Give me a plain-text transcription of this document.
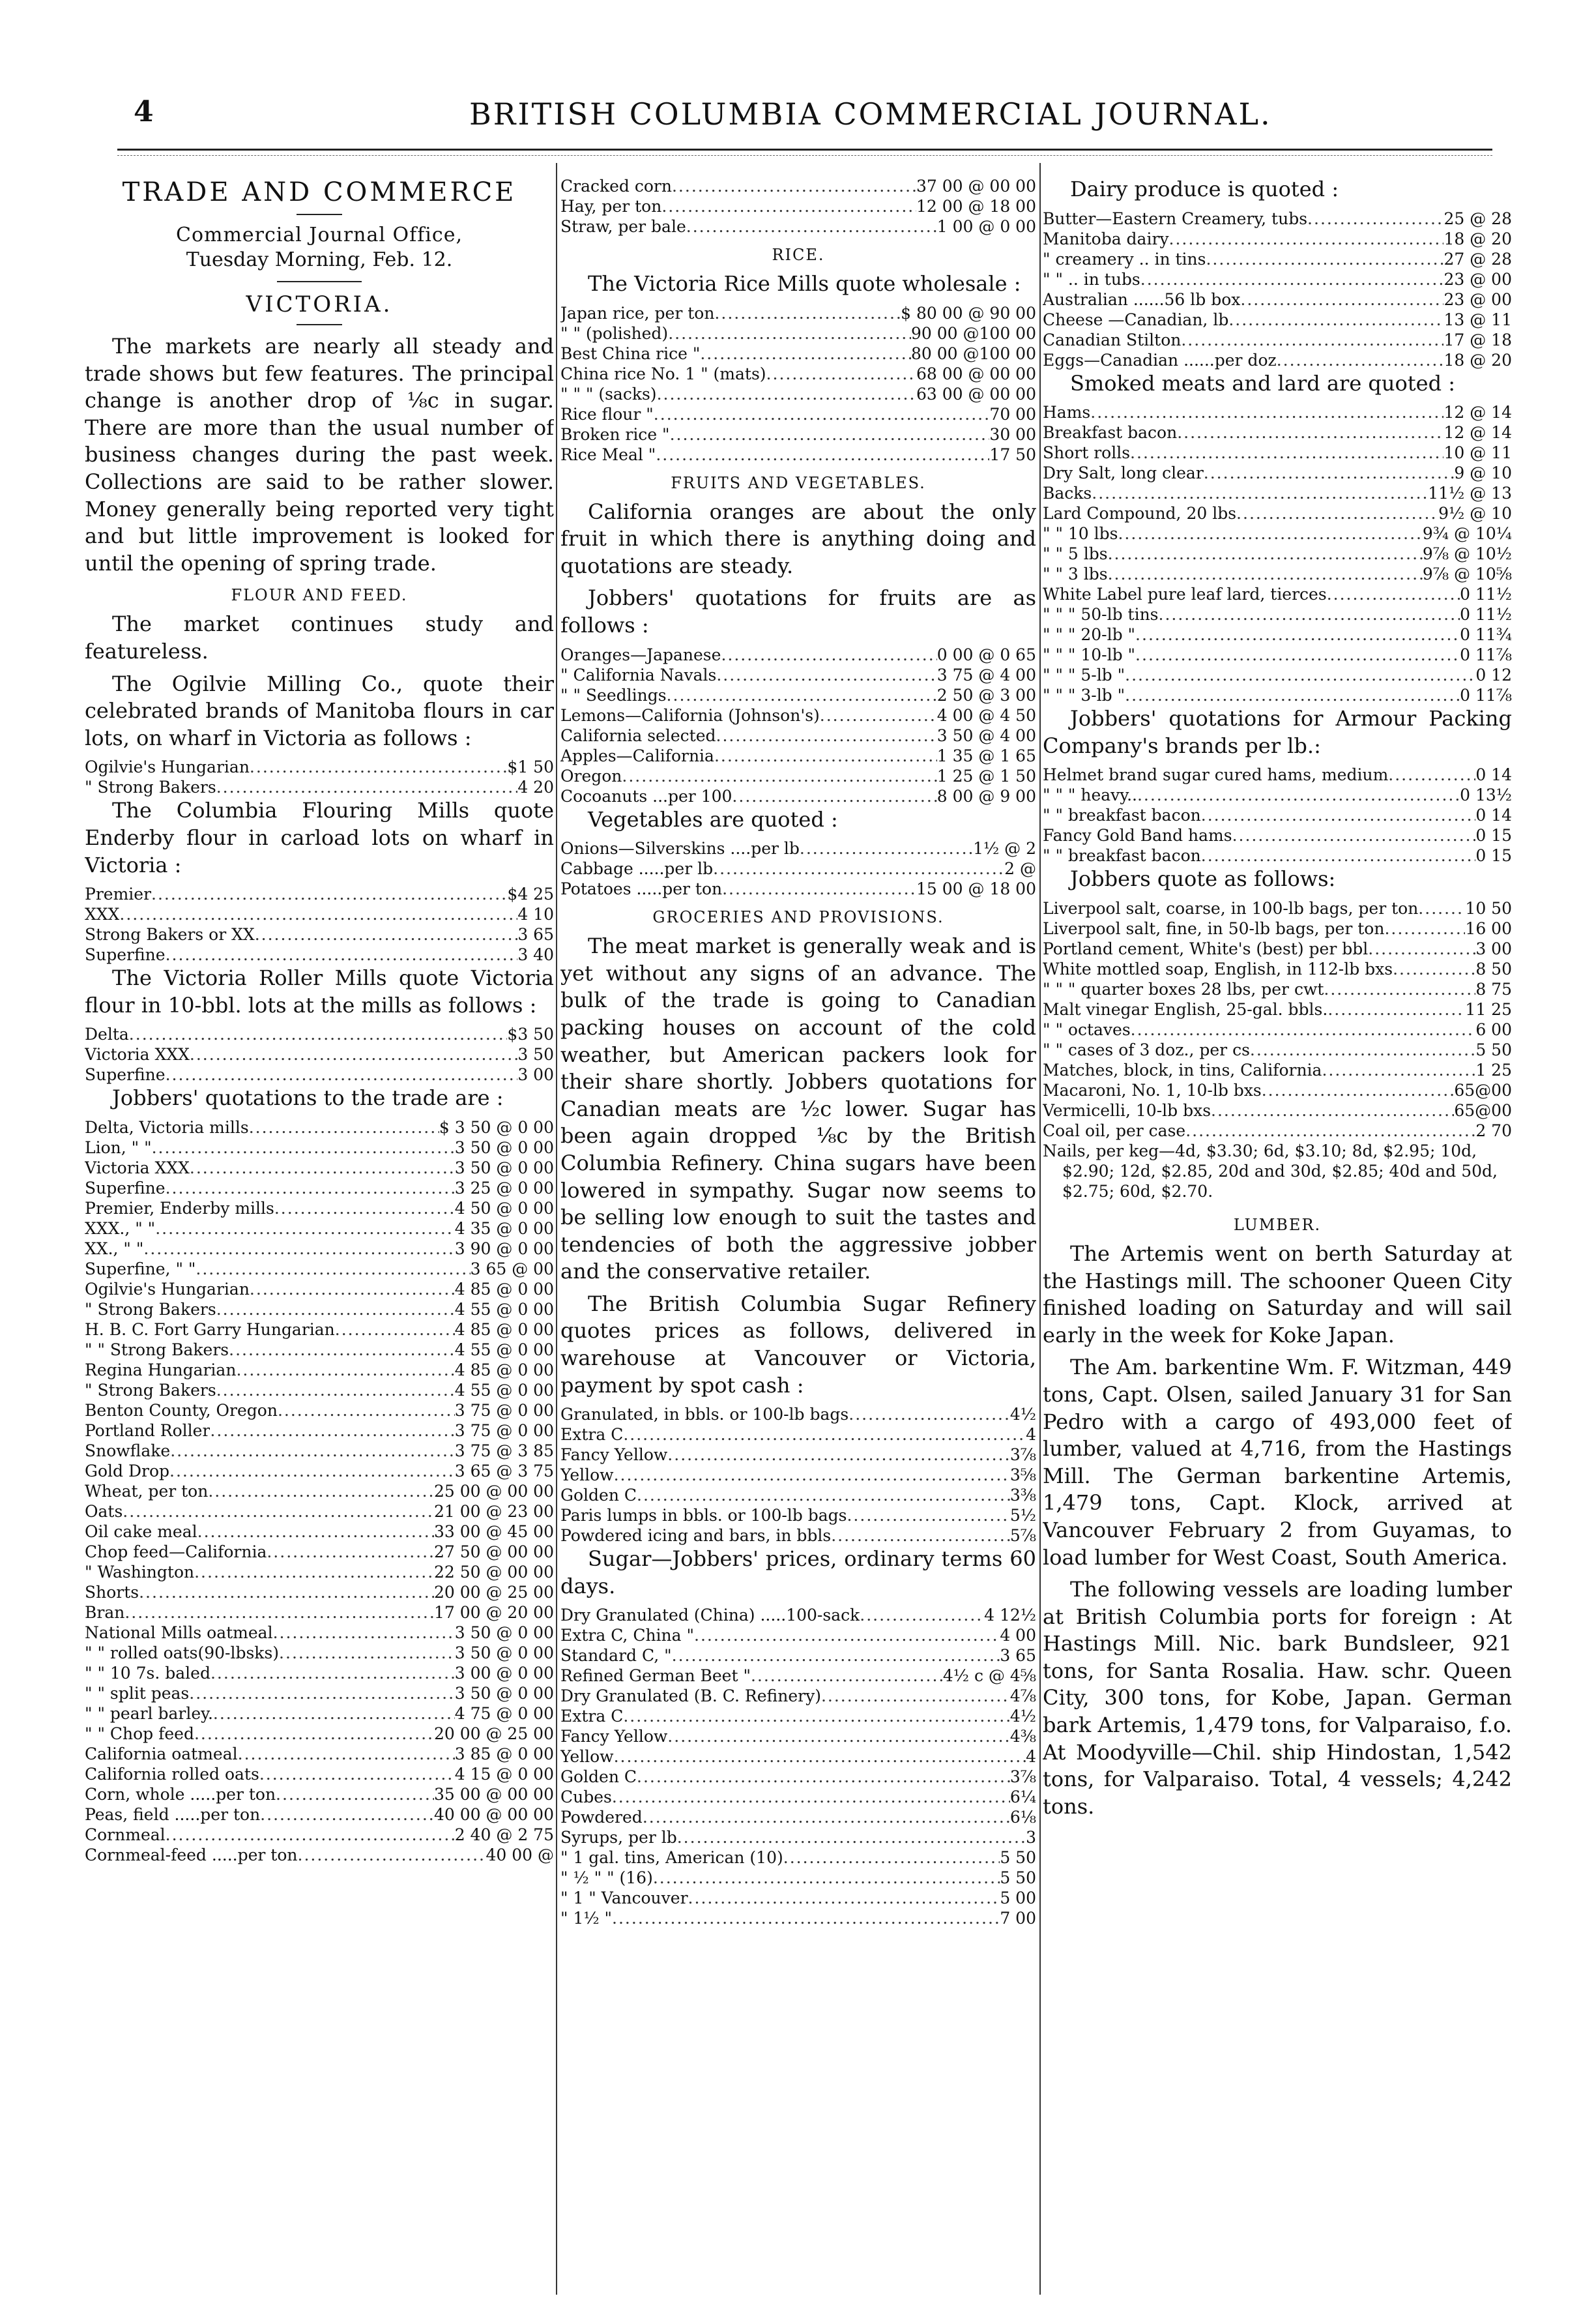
4	BRITISH COLUMBIA COMMERCIAL JOURNAL.
TRADE AND COMMERCE

Commercial Journal Office,

Tuesday Morning, Feb. 12.

VICTORIA.

The markets are nearly all steady and trade shows but few features. The principal change is another drop of ⅛c in sugar. There are more than the usual number of business changes during the past week. Collections are said to be rather slower. Money generally being reported very tight and but little improvement is looked for until the opening of spring trade.

FLOUR AND FEED.

The market continues study and featureless.

The Ogilvie Milling Co., quote their celebrated brands of Manitoba flours in car lots, on wharf in Victoria as follows :

Ogilvie's Hungarian .....	$1 50
" Strong Bakers .....	4 20

The Columbia Flouring Mills quote Enderby flour in carload lots on wharf in Victoria :

Premier .....	$4 25
XXX .....	4 10
Strong Bakers or XX .....	3 65
Superfine .....	3 40

The Victoria Roller Mills quote Victoria flour in 10-bbl. lots at the mills as follows :

Delta .....	$3 50
Victoria XXX .....	3 50
Superfine .....	3 00

Jobbers' quotations to the trade are :

Delta, Victoria mills .....	$ 3 50 @ 0 00
Lion, " " .....	3 50 @ 0 00
Victoria XXX .....	3 50 @ 0 00
Superfine .....	3 25 @ 0 00
Premier, Enderby mills .....	4 50 @ 0 00
XXX., " " .....	4 35 @ 0 00
XX., " " .....	3 90 @ 0 00
Superfine, " " .....	3 65 @ 00
Ogilvie's Hungarian .....	4 85 @ 0 00
" Strong Bakers .....	4 55 @ 0 00
H. B. C. Fort Garry Hungarian .....	4 85 @ 0 00
" " Strong Bakers .....	4 55 @ 0 00
Regina Hungarian .....	4 85 @ 0 00
" Strong Bakers .....	4 55 @ 0 00
Benton County, Oregon .....	3 75 @ 0 00
Portland Roller .....	3 75 @ 0 00
Snowflake .....	3 75 @ 3 85
Gold Drop .....	3 65 @ 3 75
Wheat, per ton .....	25 00 @ 00 00
Oats .....	21 00 @ 23 00
Oil cake meal .....	33 00 @ 45 00
Chop feed—California .....	27 50 @ 00 00
" Washington .....	22 50 @ 00 00
Shorts .....	20 00 @ 25 00
Bran .....	17 00 @ 20 00
National Mills oatmeal .....	3 50 @ 0 00
" " rolled oats(90-lbsks) .....	3 50 @ 0 00
" " 10 7s. baled .....	3 00 @ 0 00
" " split peas .....	3 50 @ 0 00
" " pearl barley. .....	4 75 @ 0 00
" " Chop feed .....	20 00 @ 25 00
California oatmeal .....	3 85 @ 0 00
California rolled oats .....	4 15 @ 0 00
Corn, whole .....per ton .....	35 00 @ 00 00
Peas, field .....per ton .....	40 00 @ 00 00
Cornmeal .....	2 40 @ 2 75
Cornmeal-feed .....per ton .....	40 00 @
Cracked corn .....	37 00 @ 00 00
Hay, per ton .....	12 00 @ 18 00
Straw, per bale .....	1 00 @ 0 00
RICE.

The Victoria Rice Mills quote wholesale :

Japan rice, per ton .....	$ 80 00 @ 90 00
" " (polished) .....	90 00 @100 00
Best China rice " .....	80 00 @100 00
China rice No. 1 " (mats) .....	68 00 @ 00 00
" " " (sacks) .....	63 00 @ 00 00
Rice flour " .....	70 00
Broken rice " .....	30 00
Rice Meal " .....	17 50
FRUITS AND VEGETABLES.

California oranges are about the only fruit in which there is anything doing and quotations are steady.

Jobbers' quotations for fruits are as follows :

Oranges—Japanese .....	0 00 @ 0 65
" California Navals .....	3 75 @ 4 00
" " Seedlings .....	2 50 @ 3 00
Lemons—California (Johnson's) .....	4 00 @ 4 50
California selected .....	3 50 @ 4 00
Apples—California .....	1 35 @ 1 65
Oregon .....	1 25 @ 1 50
Cocoanuts ...per 100 .....	8 00 @ 9 00

Vegetables are quoted :

Onions—Silverskins ....per lb .....	1½ @ 2
Cabbage .....per lb .....	2 @
Potatoes .....per ton .....	15 00 @ 18 00
GROCERIES AND PROVISIONS.

The meat market is generally weak and is yet without any signs of an advance. The bulk of the trade is going to Canadian packing houses on account of the cold weather, but American packers look for their share shortly. Jobbers quotations for Canadian meats are ½c lower. Sugar has been again dropped ⅛c by the British Columbia Refinery. China sugars have been lowered in sympathy. Sugar now seems to be selling low enough to suit the tastes and tendencies of both the aggressive jobber and the conservative retailer.

The British Columbia Sugar Refinery quotes prices as follows, delivered in warehouse at Vancouver or Victoria, payment by spot cash :

Granulated, in bbls. or 100-lb bags .....	4½
Extra C .....	4
Fancy Yellow .....	3⅞
Yellow .....	3⅝
Golden C .....	3⅜
Paris lumps in bbls. or 100-lb bags .....	5½
Powdered icing and bars, in bbls .....	5⅞

Sugar—Jobbers' prices, ordinary terms 60 days.

Dry Granulated (China) .....100-sack .....	4 12½
Extra C, China " .....	4 00
Standard C, " .....	3 65
Refined German Beet " .....	4½ c @ 4⅝
Dry Granulated (B. C. Refinery) .....	4⅞
Extra C .....	4½
Fancy Yellow .....	4⅜
Yellow .....	4
Golden C .....	3⅞
Cubes .....	6¼
Powdered .....	6⅛
Syrups, per lb .....	3
" 1 gal. tins, American (10) .....	5 50
" ½ " " (16) .....	5 50
" 1 " Vancouver .....	5 00
" 1½ " .....	7 00

Dairy produce is quoted :

Butter—Eastern Creamery, tubs .....	25 @ 28
Manitoba dairy .....	18 @ 20
" creamery .. in tins .....	27 @ 28
" " .. in tubs .....	23 @ 00
Australian ......56 lb box .....	23 @ 00
Cheese —Canadian, lb .....	13 @ 11
Canadian Stilton .....	17 @ 18
Eggs—Canadian ......per doz .....	18 @ 20

Smoked meats and lard are quoted :

Hams .....	12 @ 14
Breakfast bacon .....	12 @ 14
Short rolls .....	10 @ 11
Dry Salt, long clear .....	9 @ 10
Backs .....	11½ @ 13
Lard Compound, 20 lbs .....	9½ @ 10
" " 10 lbs .....	9¾ @ 10¼
" " 5 lbs .....	9⅞ @ 10½
" " 3 lbs .....	9⅞ @ 10⅝
White Label pure leaf lard, tierces .....	0 11½
" " " 50-lb tins .....	0 11½
" " " 20-lb " .....	0 11¾
" " " 10-lb " .....	0 11⅞
" " " 5-lb " .....	0 12
" " " 3-lb " .....	0 11⅞

Jobbers' quotations for Armour Packing Company's brands per lb.:

Helmet brand sugar cured hams, medium .....	0 14
" " " heavy.. .....	0 13½
" " breakfast bacon .....	0 14
Fancy Gold Band hams .....	0 15
" " breakfast bacon .....	0 15

Jobbers quote as follows:

Liverpool salt, coarse, in 100-lb bags, per ton .....	10 50
Liverpool salt, fine, in 50-lb bags, per ton .....	16 00
Portland cement, White's (best) per bbl .....	3 00
White mottled soap, English, in 112-lb bxs .....	8 50
" " " quarter boxes 28 lbs, per cwt .....	8 75
Malt vinegar English, 25-gal. bbls. .....	11 25
" " octaves .....	6 00
" " cases of 3 doz., per cs .....	5 50
Matches, block, in tins, California .....	1 25
Macaroni, No. 1, 10-lb bxs .....	65@00
Vermicelli, 10-lb bxs .....	65@00
Coal oil, per case .....	2 70
Nails, per keg—4d, $3.30; 6d, $3.10; 8d, $2.95; 10d, $2.90; 12d, $2.85, 20d and 30d, $2.85; 40d and 50d, $2.75; 60d, $2.70.
LUMBER.

The Artemis went on berth Saturday at the Hastings mill. The schooner Queen City finished loading on Saturday and will sail early in the week for Koke Japan.

The Am. barkentine Wm. F. Witzman, 449 tons, Capt. Olsen, sailed January 31 for San Pedro with a cargo of 493,000 feet of lumber, valued at 4,716, from the Hastings Mill. The German barkentine Artemis, 1,479 tons, Capt. Klock, arrived at Vancouver February 2 from Guyamas, to load lumber for West Coast, South America.

The following vessels are loading lumber at British Columbia ports for foreign : At Hastings Mill. Nic. bark Bundsleer, 921 tons, for Santa Rosalia. Haw. schr. Queen City, 300 tons, for Kobe, Japan. German bark Artemis, 1,479 tons, for Valparaiso, f.o. At Moodyville—Chil. ship Hindostan, 1,542 tons, for Valparaiso. Total, 4 vessels; 4,242 tons.
